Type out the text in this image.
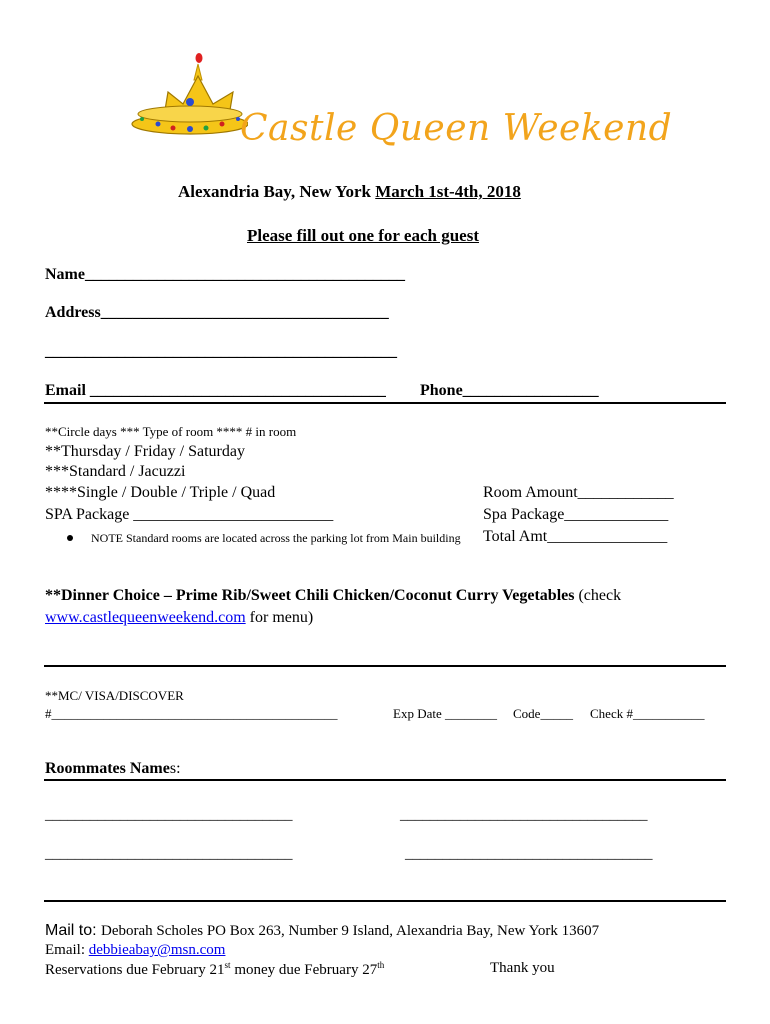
Castle Queen Weekend
Alexandria Bay, New York March 1st-4th, 2018
Please fill out one for each guest
Name________________________________________
Address____________________________________
____________________________________________
Email _____________________________________ Phone_________________
**Circle days *** Type of room **** # in room
**Thursday / Friday / Saturday
***Standard / Jacuzzi
****Single / Double / Triple / Quad
SPA Package _________________________
NOTE Standard rooms are located across the parking lot from Main building
Room Amount____________
Spa Package_____________
Total Amt_______________
**Dinner Choice – Prime Rib/Sweet Chili Chicken/Coconut Curry Vegetables (check
www.castlequeenweekend.com for menu)
**MC/ VISA/DISCOVER
#____________________________________________	Exp Date ________ Code_____ Check #___________
Roommates Names:
_________________________________	_________________________________
_________________________________	_________________________________
Mail to: Deborah Scholes PO Box 263, Number 9 Island, Alexandria Bay, New York 13607
Email: debbieabay@msn.com
Reservations due February 21st money due February 27th	Thank you
